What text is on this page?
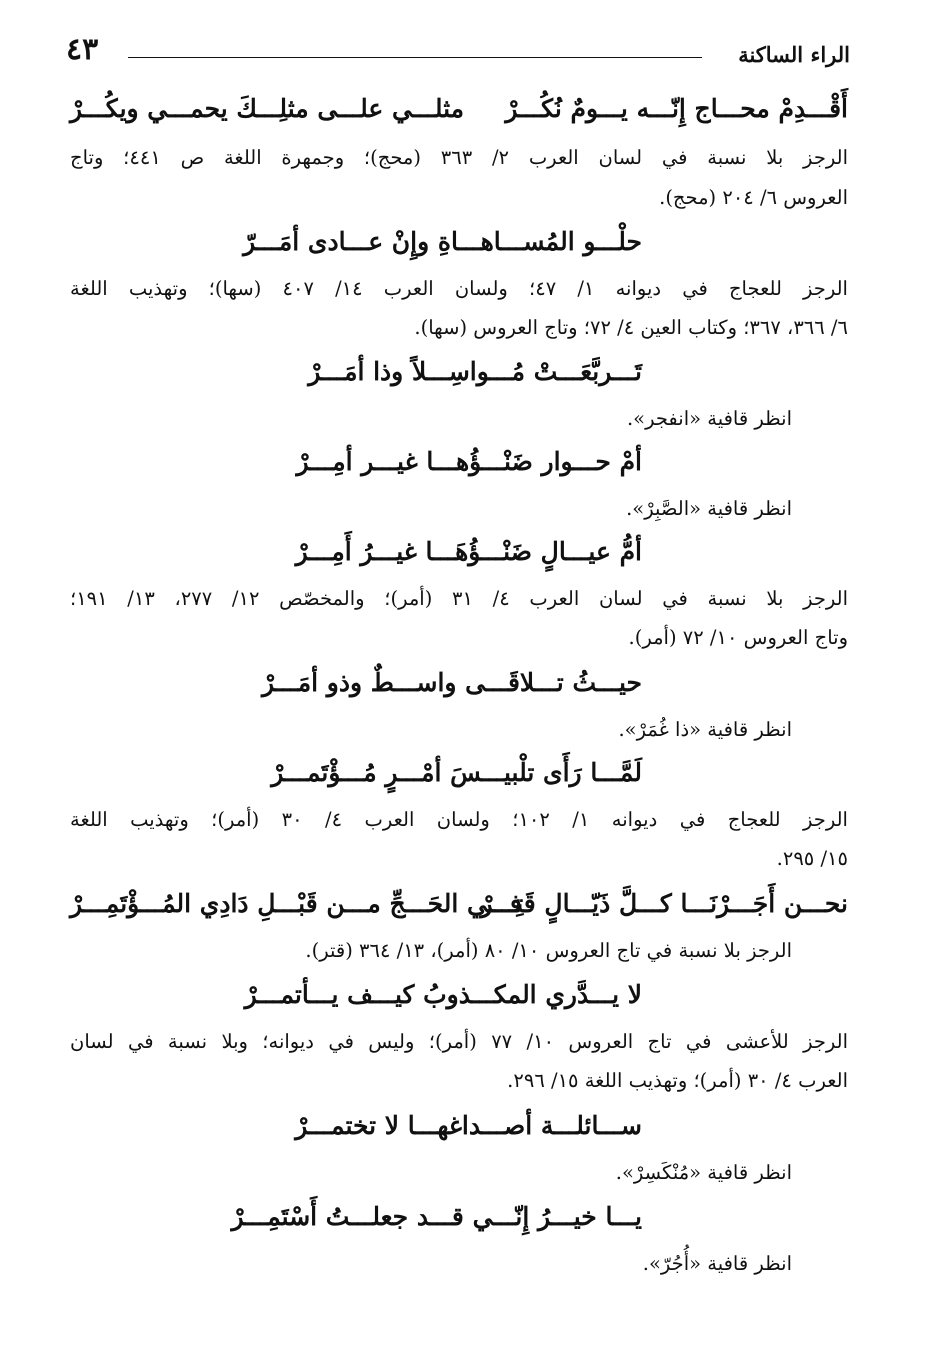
الراء الساكنة
٤٣
أَقْـــدِمْ محـــاج إِنّـــه يـــومٌ نُكُـــرْ
مثلـــي علـــى مثلِـــكَ يحمـــي ويكُـــرْ
الرجز بلا نسبة في لسان العرب ٢/ ٣٦٣ (محج)؛ وجمهرة اللغة ص ٤٤١؛ وتاج
العروس ٦/ ٢٠٤ (محج).
حلْـــو المُســـاهـــاةِ وإِنْ عـــادى أمَـــرّ
الرجز للعجاج في ديوانه ١/ ٤٧؛ ولسان العرب ١٤/ ٤٠٧ (سها)؛ وتهذيب اللغة
٦/ ٣٦٦، ٣٦٧؛ وكتاب العين ٤/ ٧٢؛ وتاج العروس (سها).
تَـــربَّعَـــتْ مُـــواسِـــلاً وذا أمَـــرْ
انظر قافية «انفجر».
أمْ حـــوار ضَنْـــؤُهـــا غيـــر أمِـــرْ
انظر قافية «الصَّبِرْ».
أمُّ عيـــالٍ ضَنْـــؤُهَـــا غيـــرُ أَمِـــرْ
الرجز بلا نسبة في لسان العرب ٤/ ٣١ (أمر)؛ والمخصّص ١٢/ ٢٧٧، ١٣/ ١٩١؛
وتاج العروس ١٠/ ٧٢ (أمر).
حيـــثُ تـــلاقَـــى واســـطٌ وذو أمَـــرْ
انظر قافية «ذا غُمَرْ».
لَمَّـــا رَأَى تلْبيـــسَ أمْـــرٍ مُـــؤْتَمـــرْ
الرجز للعجاج في ديوانه ١/ ١٠٢؛ ولسان العرب ٤/ ٣٠ (أمر)؛ وتهذيب اللغة
١٥/ ٢٩٥.
نحـــن أَجَـــرْنَـــا كـــلَّ ذَيّـــالٍ قَتِـــرْ
فـــي الحَـــجِّ مـــن قَبْـــلِ دَادِي المُـــؤْتَمِـــرْ
الرجز بلا نسبة في تاج العروس ١٠/ ٨٠ (أمر)، ١٣/ ٣٦٤ (قتر).
لا يـــدَّري المكـــذوبُ كيـــف يـــأتمـــرْ
الرجز للأعشى في تاج العروس ١٠/ ٧٧ (أمر)؛ وليس في ديوانه؛ وبلا نسبة في لسان
العرب ٤/ ٣٠ (أمر)؛ وتهذيب اللغة ١٥/ ٢٩٦.
ســـائلـــة أصـــداغهـــا لا تختمـــرْ
انظر قافية «مُنْكَسِرْ».
يـــا خيـــرُ إِنّـــي قـــد جعلـــتُ أَسْتَمِـــرْ
انظر قافية «أُجُرّ».
